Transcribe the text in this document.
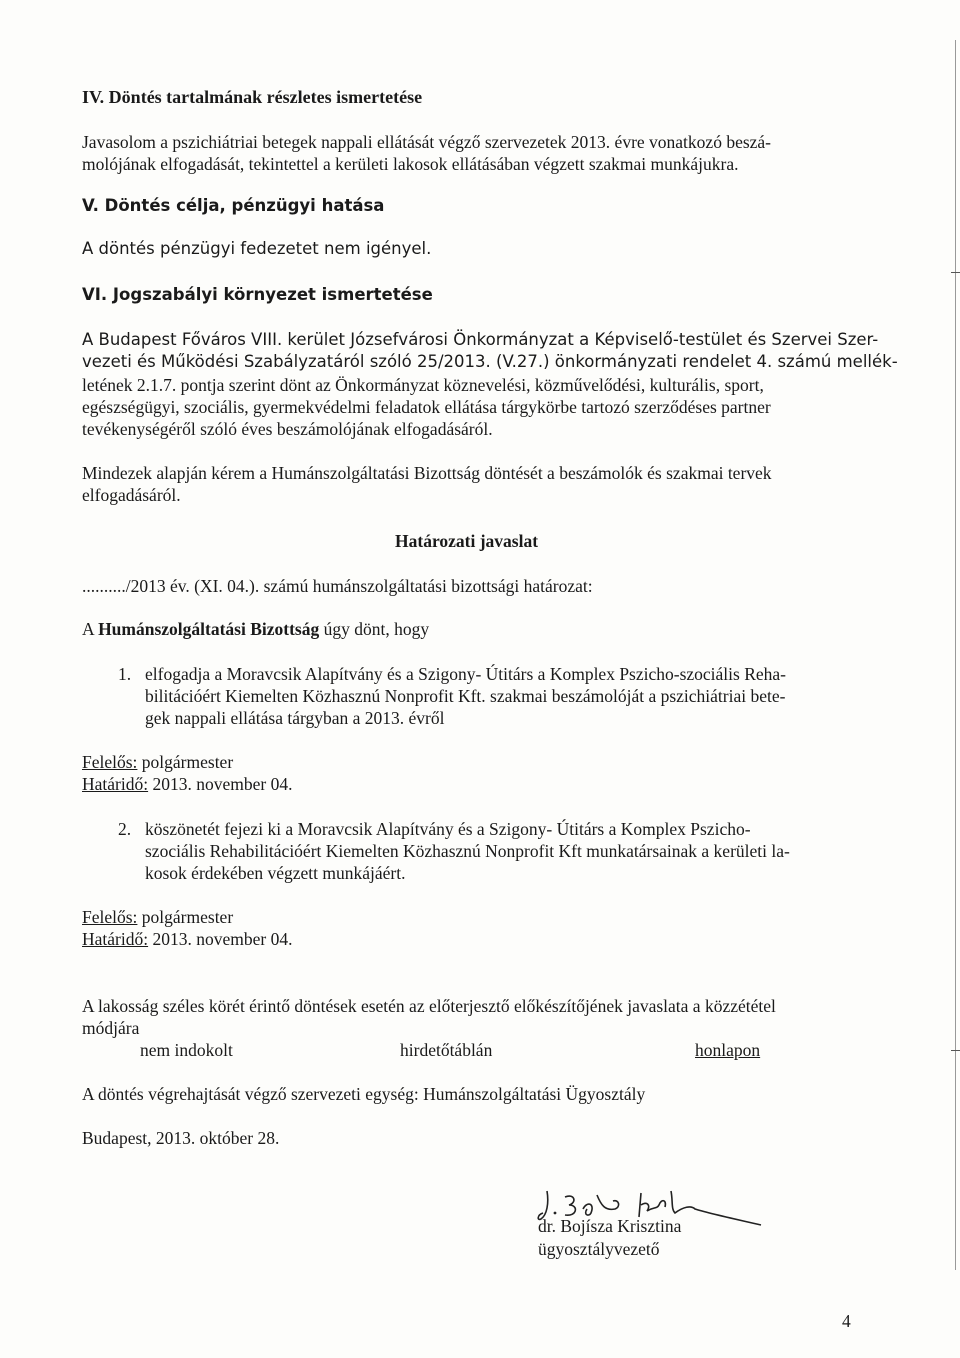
IV. Döntés tartalmának részletes ismertetése

Javasolom a pszichiátriai betegek nappali ellátását végző szervezetek 2013. évre vonatkozó beszá-

molójának elfogadását, tekintettel a kerületi lakosok ellátásában végzett szakmai munkájukra.

V. Döntés célja, pénzügyi hatása

A döntés pénzügyi fedezetet nem igényel.

VI. Jogszabályi környezet ismertetése

A Budapest Főváros VIII. kerület Józsefvárosi Önkormányzat a Képviselő-testület és Szervei Szer-

vezeti és Működési Szabályzatáról szóló 25/2013. (V.27.) önkormányzati rendelet 4. számú mellék-

letének 2.1.7. pontja szerint dönt az Önkormányzat köznevelési, közművelődési, kulturális, sport,

egészségügyi, szociális, gyermekvédelmi feladatok ellátása tárgykörbe tartozó szerződéses partner

tevékenységéről szóló éves beszámolójának elfogadásáról.

Mindezek alapján kérem a Humánszolgáltatási Bizottság döntését a beszámolók és szakmai tervek

elfogadásáról.

Határozati javaslat

........../2013 év. (XI. 04.). számú humánszolgáltatási bizottsági határozat:

A Humánszolgáltatási Bizottság úgy dönt, hogy

1. elfogadja a Moravcsik Alapítvány és a Szigony- Útitárs a Komplex Pszicho-szociális Reha-

bilitációért Kiemelten Közhasznú Nonprofit Kft. szakmai beszámolóját a pszichiátriai bete-

gek nappali ellátása tárgyban a 2013. évről

Felelős: polgármester

Határidő: 2013. november 04.

2. köszönetét fejezi ki a Moravcsik Alapítvány és a Szigony- Útitárs a Komplex Pszicho-

szociális Rehabilitációért Kiemelten Közhasznú Nonprofit Kft munkatársainak a kerületi la-

kosok érdekében végzett munkájáért.

Felelős: polgármester

Határidő: 2013. november 04.

A lakosság széles körét érintő döntések esetén az előterjesztő előkészítőjének javaslata a közzététel

módjára

nem indokolt	hirdetőtáblán	honlapon

A döntés végrehajtását végző szervezeti egység: Humánszolgáltatási Ügyosztály

Budapest, 2013. október 28.

dr. Bojísza Krisztina

ügyosztályvezető

4
